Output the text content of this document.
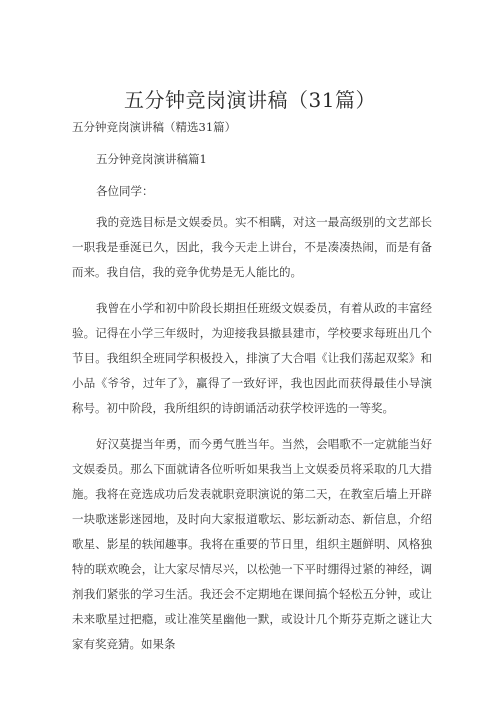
五分钟竞岗演讲稿（31篇）
五分钟竞岗演讲稿（精选31篇）
五分钟竞岗演讲稿篇1
各位同学：

我的竞选目标是文娱委员。实不相瞒，对这一最高级别的文艺部长一职我是垂涎已久，因此，我今天走上讲台，不是凑凑热闹，而是有备而来。我自信，我的竞争优势是无人能比的。

我曾在小学和初中阶段长期担任班级文娱委员，有着从政的丰富经验。记得在小学三年级时，为迎接我县撤县建市，学校要求每班出几个节目。我组织全班同学积极投入，排演了大合唱《让我们荡起双桨》和小品《爷爷，过年了》，赢得了一致好评，我也因此而获得最佳小导演称号。初中阶段，我所组织的诗朗诵活动获学校评选的一等奖。

好汉莫提当年勇，而今勇气胜当年。当然，会唱歌不一定就能当好文娱委员。那么下面就请各位听听如果我当上文娱委员将采取的几大措施。我将在竞选成功后发表就职竞职演说的第二天，在教室后墙上开辟一块歌迷影迷园地，及时向大家报道歌坛、影坛新动态、新信息，介绍歌星、影星的轶闻趣事。我将在重要的节日里，组织主题鲜明、风格独特的联欢晚会，让大家尽情尽兴，以松弛一下平时绷得过紧的神经，调剂我们紧张的学习生活。我还会不定期地在课间搞个轻松五分钟，或让未来歌星过把瘾，或让准笑星幽他一默，或设计几个斯芬克斯之谜让大家有奖竞猜。如果条
